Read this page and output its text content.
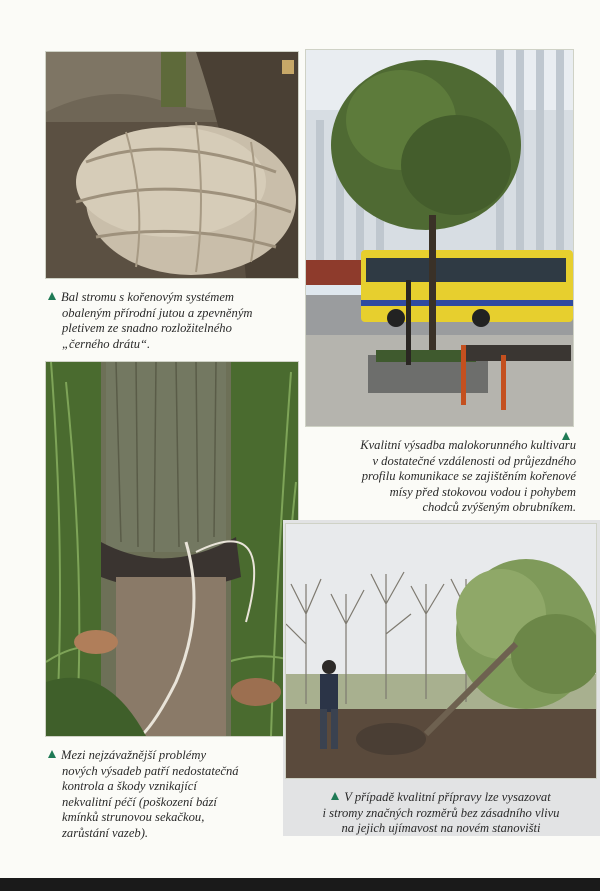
Bal stromu s kořenovým systémem
obaleným přírodní jutou a zpevněným
pletivem ze snadno rozložitelného
„černého drátu“.
Kvalitní výsadba malokorunného kultivaru
v dostatečné vzdálenosti od průjezdného
profilu komunikace se zajištěním kořenové
mísy před stokovou vodou i pohybem
chodců zvýšeným obrubníkem.
Mezi nejzávažnější problémy
nových výsadeb patří nedostatečná
kontrola a škody vznikající
nekvalitní péčí (poškození bází
kmínků strunovou sekačkou,
zarůstání vazeb).
V případě kvalitní přípravy lze vysazovat
i stromy značných rozměrů bez zásadního vlivu
na jejich ujímavost na novém stanovišti
